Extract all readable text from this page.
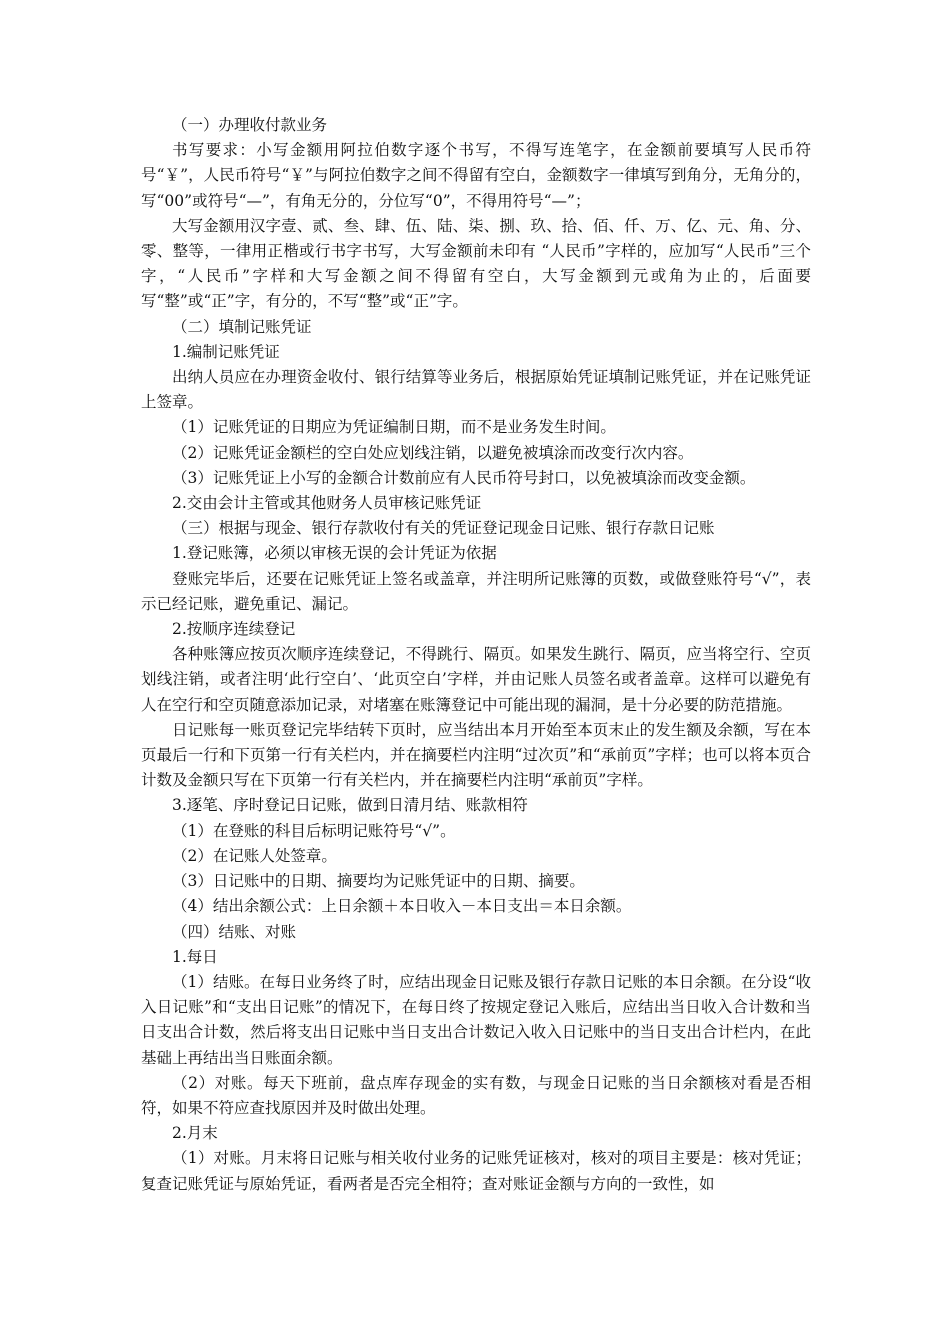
（一）办理收付款业务

书写要求：小写金额用阿拉伯数字逐个书写，不得写连笔字，在金额前要填写人民币符号“￥”，人民币符号“￥”与阿拉伯数字之间不得留有空白，金额数字一律填写到角分，无角分的，写“00”或符号“—”，有角无分的，分位写“0”，不得用符号“—”；

大写金额用汉字壹、贰、叁、肆、伍、陆、柒、捌、玖、拾、佰、仟、万、亿、元、角、分、零、整等，一律用正楷或行书字书写，大写金额前未印有 “人民币”字样的，应加写“人民币”三个字，“人民币”字样和大写金额之间不得留有空白，大写金额到元或角为止的，后面要写“整”或“正”字，有分的，不写“整”或“正”字。

（二）填制记账凭证

1.编制记账凭证

出纳人员应在办理资金收付、银行结算等业务后，根据原始凭证填制记账凭证，并在记账凭证上签章。

（1）记账凭证的日期应为凭证编制日期，而不是业务发生时间。

（2）记账凭证金额栏的空白处应划线注销，以避免被填涂而改变行次内容。

（3）记账凭证上小写的金额合计数前应有人民币符号封口，以免被填涂而改变金额。

2.交由会计主管或其他财务人员审核记账凭证

（三）根据与现金、银行存款收付有关的凭证登记现金日记账、银行存款日记账

1.登记账簿，必须以审核无误的会计凭证为依据

登账完毕后，还要在记账凭证上签名或盖章，并注明所记账簿的页数，或做登账符号“√”，表示已经记账，避免重记、漏记。

2.按顺序连续登记

各种账簿应按页次顺序连续登记，不得跳行、隔页。如果发生跳行、隔页，应当将空行、空页划线注销，或者注明‘此行空白’、‘此页空白’字样，并由记账人员签名或者盖章。这样可以避免有人在空行和空页随意添加记录，对堵塞在账簿登记中可能出现的漏洞，是十分必要的防范措施。

日记账每一账页登记完毕结转下页时，应当结出本月开始至本页末止的发生额及余额，写在本页最后一行和下页第一行有关栏内，并在摘要栏内注明“过次页”和“承前页”字样；也可以将本页合计数及金额只写在下页第一行有关栏内，并在摘要栏内注明“承前页”字样。

3.逐笔、序时登记日记账，做到日清月结、账款相符

（1）在登账的科目后标明记账符号“√”。

（2）在记账人处签章。

（3）日记账中的日期、摘要均为记账凭证中的日期、摘要。

（4）结出余额公式：上日余额＋本日收入－本日支出＝本日余额。

（四）结账、对账

1.每日

（1）结账。在每日业务终了时，应结出现金日记账及银行存款日记账的本日余额。在分设“收入日记账”和“支出日记账”的情况下，在每日终了按规定登记入账后，应结出当日收入合计数和当日支出合计数，然后将支出日记账中当日支出合计数记入收入日记账中的当日支出合计栏内，在此基础上再结出当日账面余额。

（2）对账。每天下班前，盘点库存现金的实有数，与现金日记账的当日余额核对看是否相符，如果不符应查找原因并及时做出处理。

2.月末

（1）对账。月末将日记账与相关收付业务的记账凭证核对，核对的项目主要是：核对凭证；复查记账凭证与原始凭证，看两者是否完全相符；查对账证金额与方向的一致性，如
